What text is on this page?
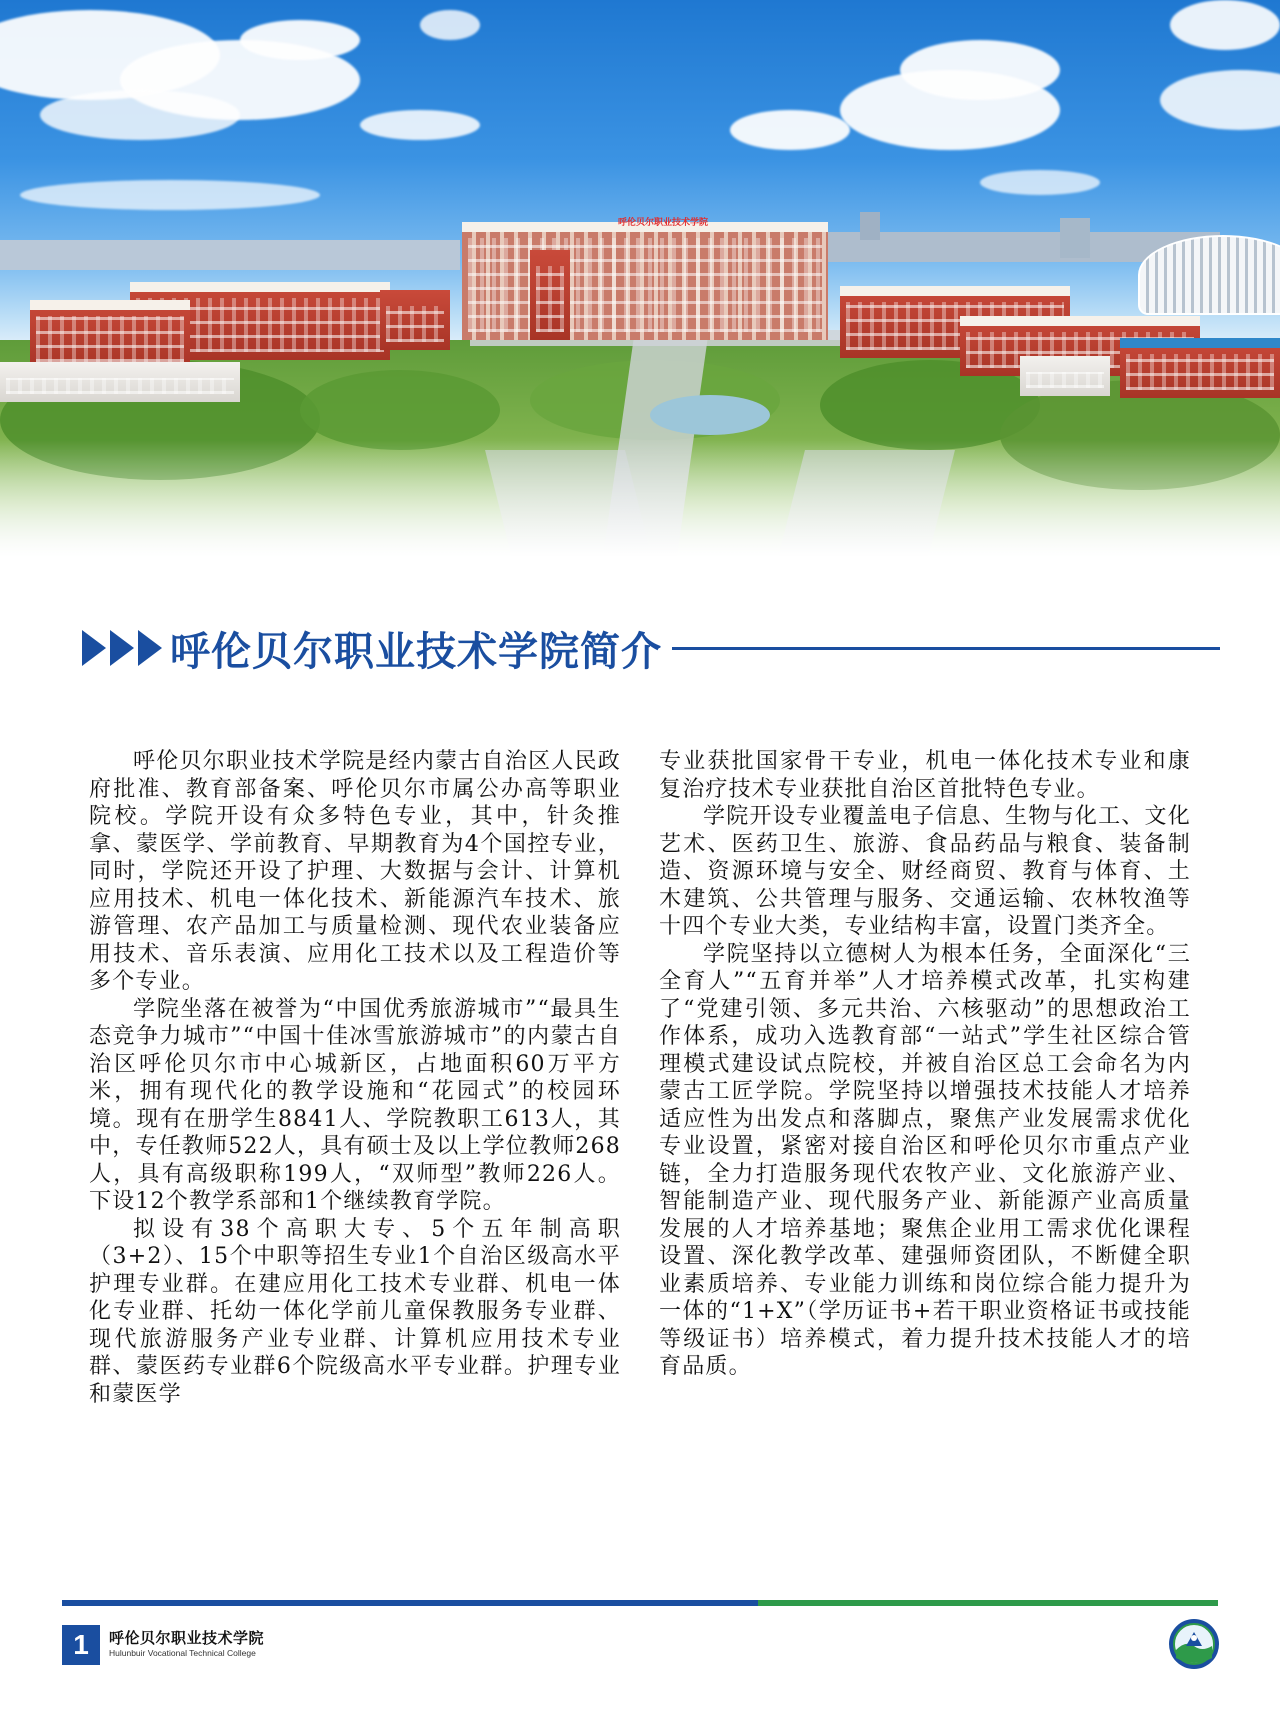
呼伦贝尔职业技术学院
呼伦贝尔职业技术学院简介

呼伦贝尔职业技术学院是经内蒙古自治区人民政府批准、教育部备案、呼伦贝尔市属公办高等职业院校。学院开设有众多特色专业，其中，针灸推拿、蒙医学、学前教育、早期教育为4个国控专业，同时，学院还开设了护理、大数据与会计、计算机应用技术、机电一体化技术、新能源汽车技术、旅游管理、农产品加工与质量检测、现代农业装备应用技术、音乐表演、应用化工技术以及工程造价等多个专业。

学院坐落在被誉为“中国优秀旅游城市”“最具生态竞争力城市”“中国十佳冰雪旅游城市”的内蒙古自治区呼伦贝尔市中心城新区，占地面积60万平方米，拥有现代化的教学设施和“花园式”的校园环境。现有在册学生8841人、学院教职工613人，其中，专任教师522人，具有硕士及以上学位教师268人，具有高级职称199人，“双师型”教师226人。下设12个教学系部和1个继续教育学院。

拟设有38个高职大专、5个五年制高职（3+2）、15个中职等招生专业1个自治区级高水平护理专业群。在建应用化工技术专业群、机电一体化专业群、托幼一体化学前儿童保教服务专业群、现代旅游服务产业专业群、计算机应用技术专业群、蒙医药专业群6个院级高水平专业群。护理专业和蒙医学

专业获批国家骨干专业，机电一体化技术专业和康复治疗技术专业获批自治区首批特色专业。

学院开设专业覆盖电子信息、生物与化工、文化艺术、医药卫生、旅游、食品药品与粮食、装备制造、资源环境与安全、财经商贸、教育与体育、土木建筑、公共管理与服务、交通运输、农林牧渔等十四个专业大类，专业结构丰富，设置门类齐全。

学院坚持以立德树人为根本任务，全面深化“三全育人”“五育并举”人才培养模式改革，扎实构建了“党建引领、多元共治、六核驱动”的思想政治工作体系，成功入选教育部“一站式”学生社区综合管理模式建设试点院校，并被自治区总工会命名为内蒙古工匠学院。学院坚持以增强技术技能人才培养适应性为出发点和落脚点，聚焦产业发展需求优化专业设置，紧密对接自治区和呼伦贝尔市重点产业链，全力打造服务现代农牧产业、文化旅游产业、智能制造产业、现代服务产业、新能源产业高质量发展的人才培养基地；聚焦企业用工需求优化课程设置、深化教学改革、建强师资团队，不断健全职业素质培养、专业能力训练和岗位综合能力提升为一体的“1+X”（学历证书+若干职业资格证书或技能等级证书）培养模式，着力提升技术技能人才的培育品质。

1	呼伦贝尔职业技术学院
Hulunbuir Vocational Technical College
